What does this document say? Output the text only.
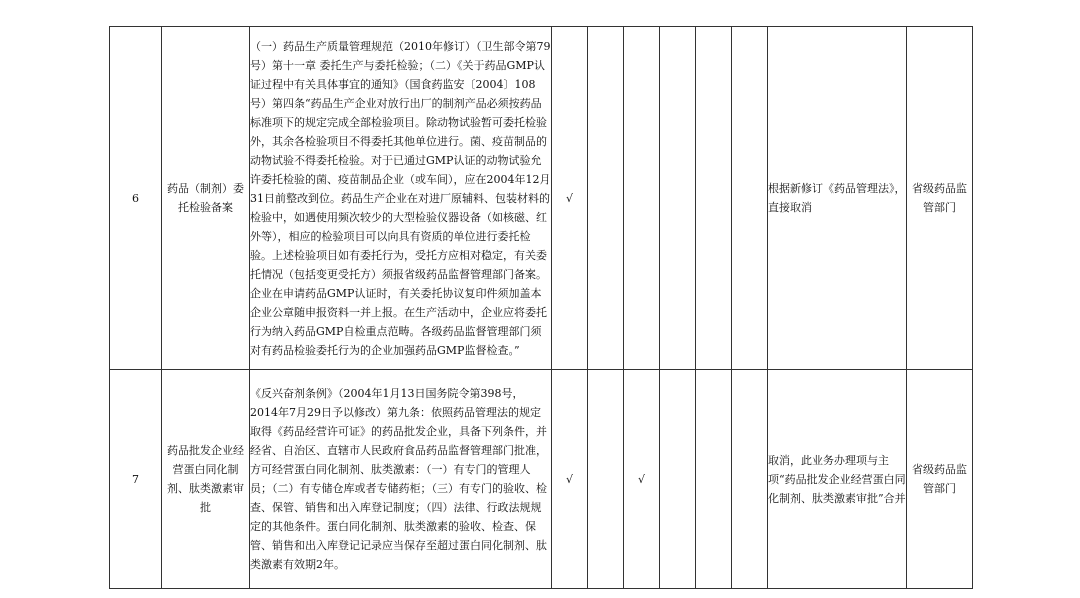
6	药品（制剂）委托检验备案	（一）药品生产质量管理规范（2010年修订）（卫生部令第79号）第十一章 委托生产与委托检验；（二）《关于药品GMP认证过程中有关具体事宜的通知》（国食药监安〔2004〕108号）第四条“药品生产企业对放行出厂的制剂产品必须按药品标准项下的规定完成全部检验项目。除动物试验暂可委托检验外，其余各检验项目不得委托其他单位进行。菌、疫苗制品的动物试验不得委托检验。对于已通过GMP认证的动物试验允许委托检验的菌、疫苗制品企业（或车间），应在2004年12月31日前整改到位。药品生产企业在对进厂原辅料、包装材料的检验中，如遇使用频次较少的大型检验仪器设备（如核磁、红外等），相应的检验项目可以向具有资质的单位进行委托检验。上述检验项目如有委托行为，受托方应相对稳定，有关委托情况（包括变更受托方）须报省级药品监督管理部门备案。企业在申请药品GMP认证时，有关委托协议复印件须加盖本企业公章随申报资料一并上报。在生产活动中，企业应将委托行为纳入药品GMP自检重点范畴。各级药品监督管理部门须对有药品检验委托行为的企业加强药品GMP监督检查。”	√						根据新修订《药品管理法》，直接取消	省级药品监管部门
7	药品批发企业经营蛋白同化制剂、肽类激素审批	《反兴奋剂条例》（2004年1月13日国务院令第398号，2014年7月29日予以修改）第九条：依照药品管理法的规定取得《药品经营许可证》的药品批发企业，具备下列条件，并经省、自治区、直辖市人民政府食品药品监督管理部门批准，方可经营蛋白同化制剂、肽类激素：（一）有专门的管理人员；（二）有专储仓库或者专储药柜；（三）有专门的验收、检查、保管、销售和出入库登记制度；（四）法律、行政法规规定的其他条件。蛋白同化制剂、肽类激素的验收、检查、保管、销售和出入库登记记录应当保存至超过蛋白同化制剂、肽类激素有效期2年。	√		√				取消，此业务办理项与主项“药品批发企业经营蛋白同化制剂、肽类激素审批”合并	省级药品监管部门
